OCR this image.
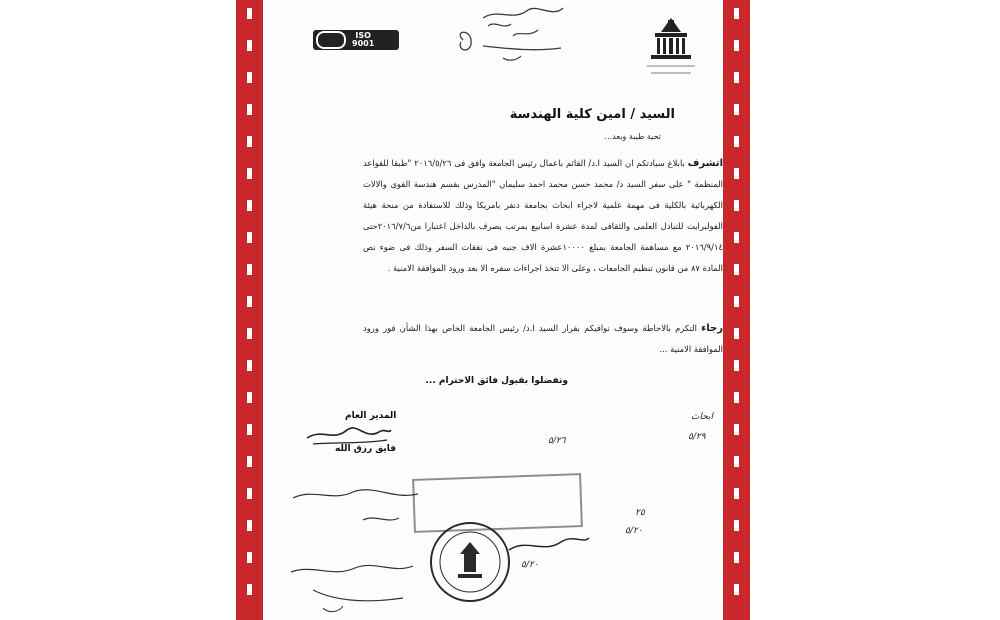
ISO
9001
السيد / امين كلية الهندسة
تحية طيبة وبعد...
اتشرف بابلاغ سيادتكم ان السيد ا.د/ القائم باعمال رئيس الجامعة وافق فى ٢٠١٦/٥/٢٦ "طبقا للقواعد المنظمة " على سفر السيد د/ محمد حسن محمد احمد سليمان "المدرس بقسم هندسة القوى والالات الكهربائية بالكلية فى مهمة علمية لاجراء ابحاث بجامعة دنفر بامريكا وذلك للاستفادة من منحة هيئة الفولبرايت للتبادل العلمى والثقافى لمدة عشرة اسابيع بمرتب يصرف بالداخل اعتبارا من٢٠١٦/٧/٦حتى ٢٠١٦/٩/١٤ مع مساهمة الجامعة بمبلغ ١٠٠٠٠عشرة الاف جنيه فى نفقات السفر وذلك فى ضوء نص المادة ٨٧ من قانون تنظيم الجامعات ، وعلى الا تتخذ اجراءات سفره الا بعد ورود الموافقة الامنية .
رجاء التكرم بالاحاطة وسوف نوافيكم بقرار السيد ا.د/ رئيس الجامعة الخاص بهذا الشأن فور ورود الموافقة الامنية ...
وتفضلوا بقبول فائق الاحترام ...
المدير العام
فايق رزق الله
ابحاث
٥/٢٩
٥/٢٦
٥/٢٠
٢٥
٥/٢٠
